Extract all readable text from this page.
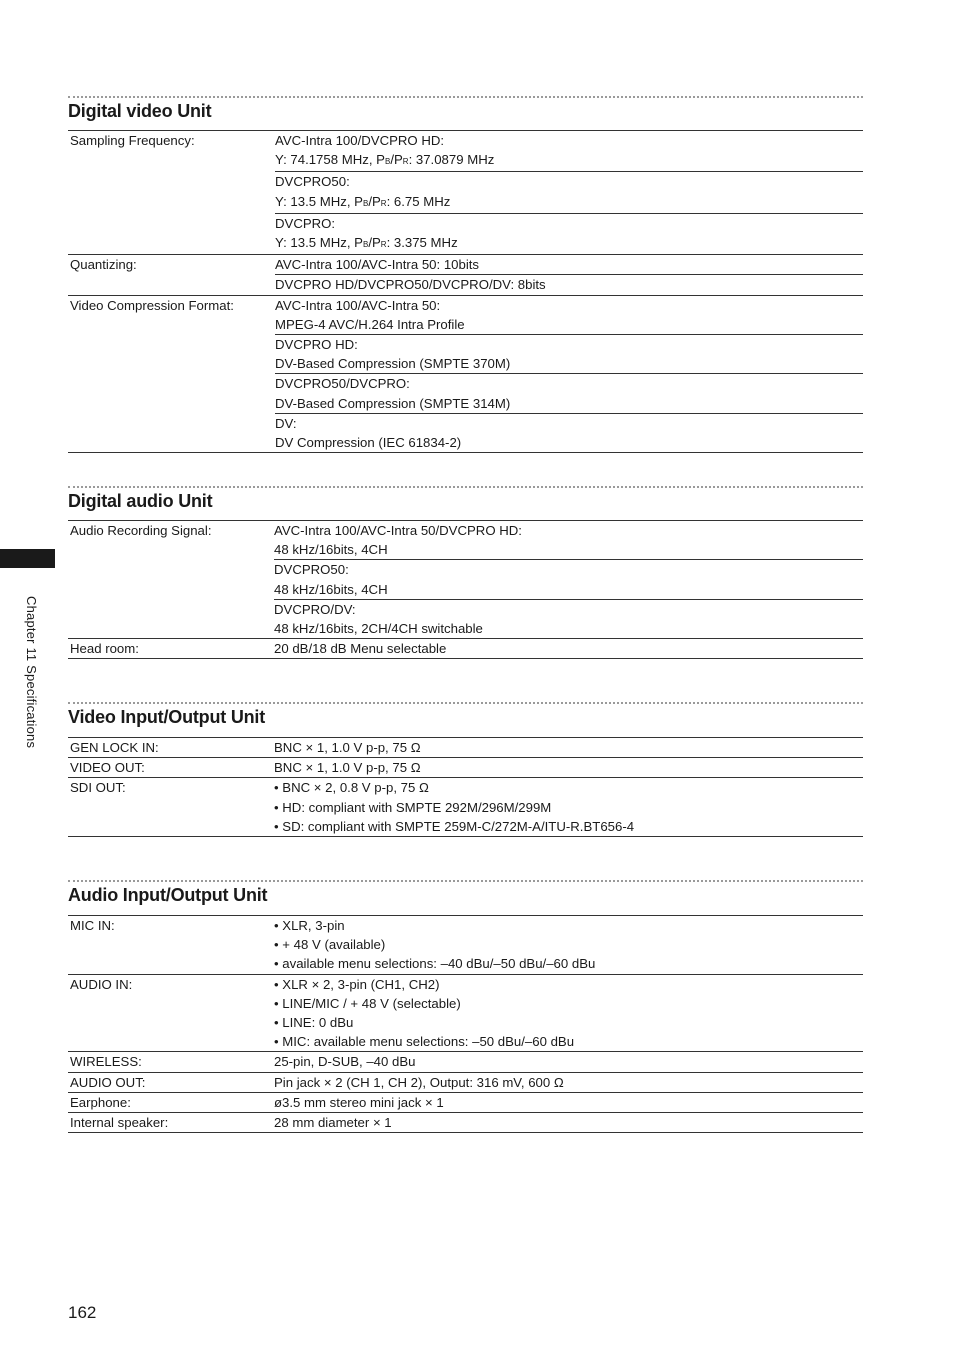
Digital video Unit
Sampling Frequency:	AVC-Intra 100/DVCPRO HD:
Y: 74.1758 MHz, PB/PR: 37.0879 MHz

	DVCPRO50:
Y: 13.5 MHz, PB/PR: 6.75 MHz

	DVCPRO:
Y: 13.5 MHz, PB/PR: 3.375 MHz

Quantizing:	AVC-Intra 100/AVC-Intra 50: 10bits

	DVCPRO HD/DVCPRO50/DVCPRO/DV: 8bits

Video Compression Format:	AVC-Intra 100/AVC-Intra 50:
MPEG-4 AVC/H.264 Intra Profile

	DVCPRO HD:
DV-Based Compression (SMPTE 370M)

	DVCPRO50/DVCPRO:
DV-Based Compression (SMPTE 314M)

	DV:
DV Compression (IEC 61834-2)
Digital audio Unit
Audio Recording Signal:	AVC-Intra 100/AVC-Intra 50/DVCPRO HD:
48 kHz/16bits, 4CH

	DVCPRO50:
48 kHz/16bits, 4CH

	DVCPRO/DV:
48 kHz/16bits, 2CH/4CH switchable

Head room:	20 dB/18 dB Menu selectable
Video Input/Output Unit
GEN LOCK IN:	BNC × 1, 1.0 V p-p, 75 Ω

VIDEO OUT:	BNC × 1, 1.0 V p-p, 75 Ω

SDI OUT:	• BNC × 2, 0.8 V p-p, 75 Ω
• HD: compliant with SMPTE 292M/296M/299M
• SD: compliant with SMPTE 259M-C/272M-A/ITU-R.BT656-4
Audio Input/Output Unit
MIC IN:	• XLR, 3-pin
• + 48 V (available)
• available menu selections: –40 dBu/–50 dBu/–60 dBu

AUDIO IN:	• XLR × 2, 3-pin (CH1, CH2)
• LINE/MIC / + 48 V (selectable)
• LINE: 0 dBu
• MIC: available menu selections: –50 dBu/–60 dBu

WIRELESS:	25-pin, D-SUB, –40 dBu

AUDIO OUT:	Pin jack × 2 (CH 1, CH 2), Output: 316 mV, 600 Ω

Earphone:	ø3.5 mm stereo mini jack × 1

Internal speaker:	28 mm diameter × 1
Chapter 11 Specifications
162
